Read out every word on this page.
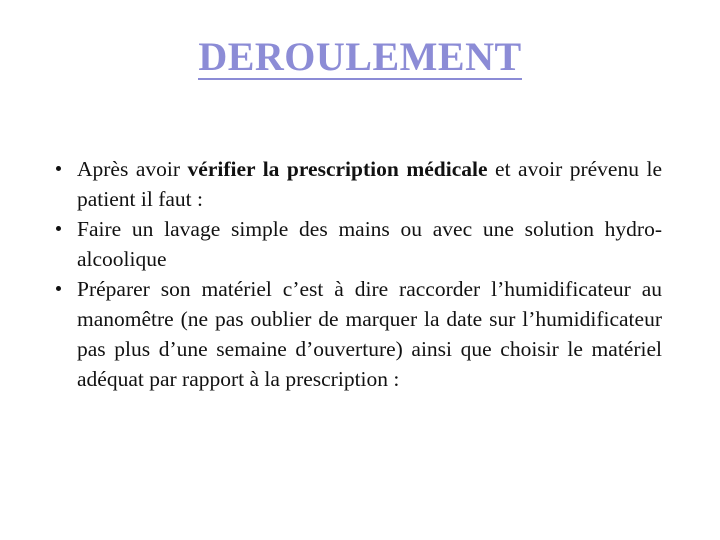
DEROULEMENT
Après avoir vérifier la prescription médicale et avoir prévenu le patient il faut :
Faire un lavage simple des mains ou avec une solution hydro-alcoolique
Préparer son matériel c’est à dire raccorder l’humidificateur au manomêtre (ne pas oublier de marquer la date sur l’humidificateur pas plus d’une semaine d’ouverture) ainsi que choisir le matériel adéquat par rapport à la prescription :
